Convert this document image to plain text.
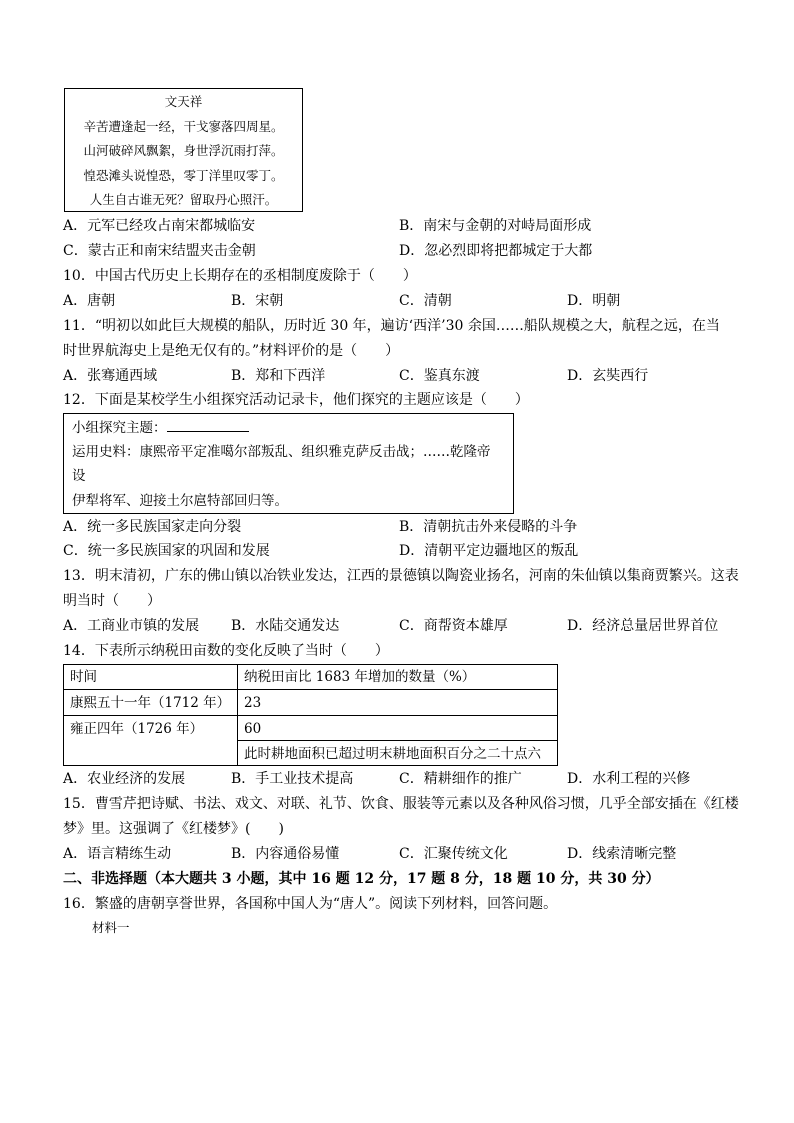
文天祥
辛苦遭逢起一经，干戈寥落四周星。
山河破碎风飘絮，身世浮沉雨打萍。
惶恐滩头说惶恐，零丁洋里叹零丁。
人生自古谁无死？留取丹心照汗。
A．元军已经攻占南宋都城临安	B．南宋与金朝的对峙局面形成
C．蒙古正和南宋结盟夹击金朝	D．忽必烈即将把都城定于大都
10．中国古代历史上长期存在的丞相制度废除于（　　）
A．唐朝	B．宋朝	C．清朝	D．明朝
11．“明初以如此巨大规模的船队，历时近 30 年，遍访‘西洋’30 余国……船队规模之大，航程之远，在当
时世界航海史上是绝无仅有的。”材料评价的是（　　）
A．张骞通西域	B．郑和下西洋	C．鉴真东渡	D．玄奘西行
12．下面是某校学生小组探究活动记录卡，他们探究的主题应该是（　　）
小组探究主题：
运用史料：康熙帝平定准噶尔部叛乱、组织雅克萨反击战；……乾隆帝
设
伊犁将军、迎接土尔扈特部回归等。
A．统一多民族国家走向分裂	B．清朝抗击外来侵略的斗争
C．统一多民族国家的巩固和发展	D．清朝平定边疆地区的叛乱
13．明末清初，广东的佛山镇以冶铁业发达，江西的景德镇以陶瓷业扬名，河南的朱仙镇以集商贾繁兴。这表
明当时（　　）
A．工商业市镇的发展 B．水陆交通发达	C．商帮资本雄厚	D．经济总量居世界首位
14．下表所示纳税田亩数的变化反映了当时（　　）
时间	纳税田亩比 1683 年增加的数量（%）
康熙五十一年（1712 年） 23
雍正四年（1726 年）	60
此时耕地面积已超过明末耕地面积百分之二十点六
A．农业经济的发展	B．手工业技术提高	C．精耕细作的推广	D．水利工程的兴修
15．曹雪芹把诗赋、书法、戏文、对联、礼节、饮食、服装等元素以及各种风俗习惯，几乎全部安插在《红楼
梦》里。这强调了《红楼梦》(　　)
A．语言精练生动	B．内容通俗易懂	C．汇聚传统文化	D．线索清晰完整
二、非选择题（本大题共 3 小题，其中 16 题 12 分，17 题 8 分，18 题 10 分，共 30 分）
16．繁盛的唐朝享誉世界，各国称中国人为“唐人”。阅读下列材料，回答问题。
材料一
